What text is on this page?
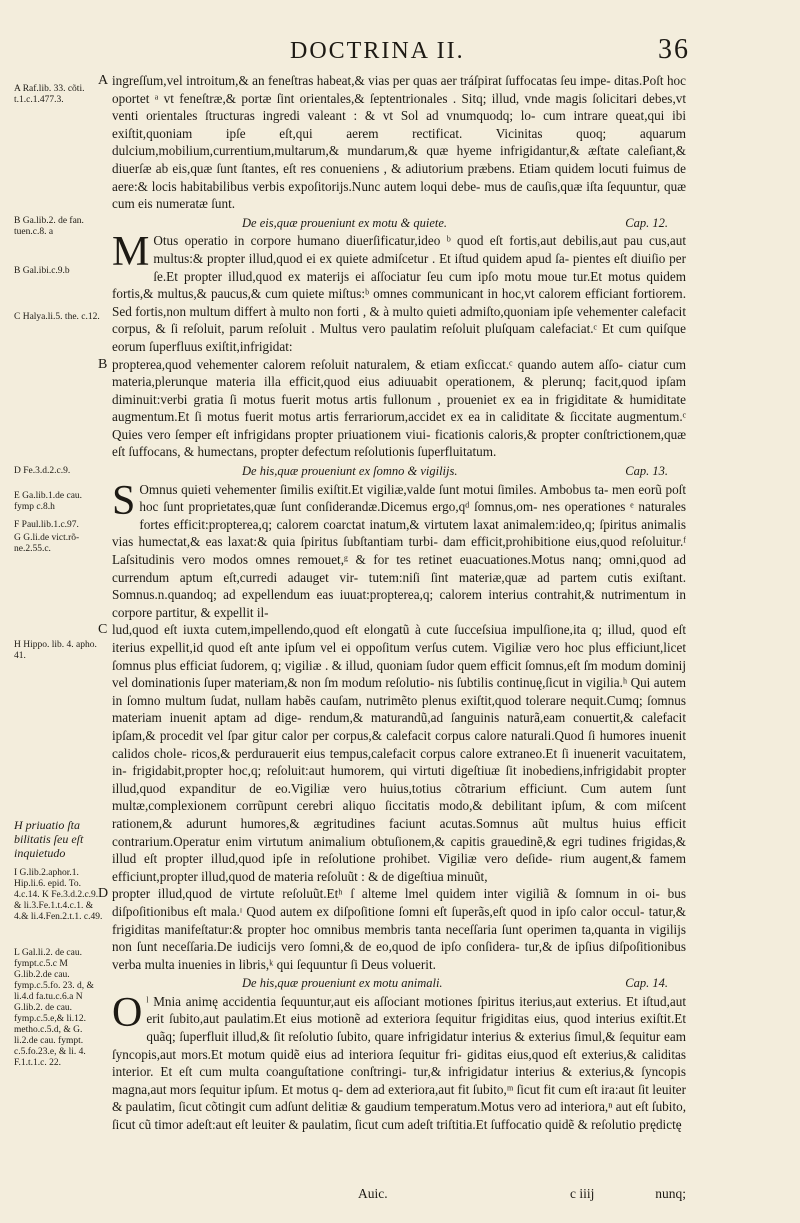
DOCTRINA II.	36
A Raf.lib. 33. cõti. t.1.c.1.477.3.
B Ga.lib.2. de fan. tuen.c.8. a
B Gal.ibi.c.9.b
C Halya.li.5. the. c.12.
D Fe.3.d.2.c.9.
E Ga.lib.1.de cau. fymp c.8.h
F Paul.lib.1.c.97.
G G.li.de vict.rõ- ne.2.55.c.
H Hippo. lib. 4. apho. 41.
H priuatio ſta bilitatis ſeu eſt inquietudo
I G.lib.2.aphor.1. Hip.li.6. epid. To. 4.c.14. K Fe.3.d.2.c.9. & li.3.Fe.1.t.4.c.1. & 4.& li.4.Fen.2.t.1. c.49.
L Gal.li.2. de cau. fympt.c.5.c M G.lib.2.de cau. fymp.c.5.fo. 23. d, & li.4.d fa.tu.c.6.a N G.lib.2. de cau. fymp.c.5.e,& li.12. metho.c.5.d, & G. li.2.de cau. fympt. c.5.fo.23.e, & li. 4. F.1.t.1.c. 22.

A ingreſſum,vel introitum,& an feneſtras habeat,& vias per quas aer tráſpirat ſuffocatas ſeu impe- ditas.Poſt hoc oportet ᵃ vt feneſtræ,& portæ ſint orientales,& ſeptentrionales . Sitq; illud, vnde magis ſolicitari debes,vt venti orientales ſtructuras ingredi valeant : & vt Sol ad vnumquodq; lo- cum intrare queat,qui ibi exiſtit,quoniam ipſe eſt,qui aerem rectificat. Vicinitas quoq; aquarum dulcium,mobilium,currentium,multarum,& mundarum,& quæ hyeme infrigidantur,& æſtate caleſiant,& diuerſæ ab eis,quæ ſunt ſtantes, eſt res conueniens , & adiutorium præbens. Etiam quidem locuti fuimus de aere:& locis habitabilibus verbis expoſitorijs.Nunc autem loqui debe- mus de cauſis,quæ iſta ſequuntur, quæ cum eis numeratæ ſunt.

De eis,quæ proueniunt ex motu & quiete.	Cap. 12.

M Otus operatio in corpore humano diuerſificatur,ideo ᵇ quod eſt fortis,aut debilis,aut pau cus,aut multus:& propter illud,quod ei ex quiete admiſcetur . Et iſtud quidem apud ſa- pientes eſt diuiſio per ſe.Et propter illud,quod ex materijs ei aſſociatur ſeu cum ipſo motu moue tur.Et motus quidem fortis,& multus,& paucus,& cum quiete miſtus:ᵇ omnes communicant in hoc,vt calorem efficiant fortiorem. Sed fortis,non multum differt à multo non forti , & à multo quieti admiſto,quoniam ipſe vehementer calefacit corpus, & ſi reſoluit, parum reſoluit . Multus vero paulatim reſoluit pluſquam calefaciat.ᶜ Et cum quiſque eorum ſuperfluus exiſtit,infrigidat:

B propterea,quod vehementer calorem reſoluit naturalem, & etiam exſiccat.ᶜ quando autem aſſo- ciatur cum materia,plerunque materia illa efficit,quod eius adiuuabit operationem, & plerunq; facit,quod ipſam diminuit:verbi gratia ſi motus fuerit motus artis fullonum , proueniet ex ea in frigiditate & humiditate augmentum.Et ſi motus fuerit motus artis ferrariorum,accidet ex ea in caliditate & ſiccitate augmentum.ᶜ Quies vero ſemper eſt infrigidans propter priuationem viui- ficationis caloris,& propter conſtrictionem,quæ eſt ſuffocans, & humectans, propter defectum reſolutionis ſuperfluitatum.

De his,quæ proueniunt ex ſomno & vigilijs.	Cap. 13.

S Omnus quieti vehementer ſimilis exiſtit.Et vigiliæ,valde ſunt motui ſimiles. Ambobus ta- men eorũ poſt hoc ſunt proprietates,quæ ſunt conſiderandæ.Dicemus ergo,qᵈ ſomnus,om- nes operationes ᵉ naturales fortes efficit:propterea,q; calorem coarctat inatum,& virtutem laxat animalem:ideo,q; ſpiritus animalis vias humectat,& eas laxat:& quia ſpiritus ſubſtantiam turbi- dam efficit,prohibitione eius,quod reſoluitur.ᶠ Laſsitudinis vero modos omnes remouet,ᵍ & for tes retinet euacuationes.Motus nanq; omni,quod ad currendum aptum eſt,curredi adauget vir- tutem:niſi ſint materiæ,quæ ad partem cutis exiſtant. Somnus.n.quandoq; ad expellendum eas iuuat:propterea,q; calorem interius contrahit,& nutrimentum in corpore partitur, & expellit il-

C lud,quod eſt iuxta cutem,impellendo,quod eſt elongatũ à cute ſucceſsiua impulſione,ita q; illud, quod eſt iterius expellit,id quod eſt ante ipſum vel ei oppoſitum verſus cutem. Vigiliæ vero hoc plus efficiunt,licet ſomnus plus efficiat ſudorem, q; vigiliæ . & illud, quoniam ſudor quem efficit ſomnus,eſt ſm modum dominij vel dominationis ſuper materiam,& non ſm modum reſolutio- nis ſubtilis continuę,ſicut in vigilia.ʰ Qui autem in ſomno multum ſudat, nullam habẽs cauſam, nutrimẽto plenus exiſtit,quod tolerare nequit.Cumq; ſomnus materiam inuenit aptam ad dige- rendum,& maturandũ,ad ſanguinis naturã,eam conuertit,& calefacit ipſam,& procedit vel ſpar gitur calor per corpus,& calefacit corpus calore naturali.Quod ſi humores inuenit calidos chole- ricos,& perdurauerit eius tempus,calefacit corpus calore extraneo.Et ſi inuenerit vacuitatem, in- frigidabit,propter hoc,q; reſoluit:aut humorem, qui virtuti digeſtiuæ ſit inobediens,infrigidabit propter illud,quod expanditur de eo.Vigiliæ vero huius,totius cõtrarium efficiunt. Cum autem ſunt multæ,complexionem corrũpunt cerebri aliquo ſiccitatis modo,& debilitant ipſum, & com miſcent rationem,& adurunt humores,& ægritudines faciunt acutas.Somnus aũt multus huius efficit contrarium.Operatur enim virtutum animalium obtuſionem,& capitis grauedinẽ,& egri tudines frigidas,& illud eſt propter illud,quod ipſe in reſolutione prohibet. Vigiliæ vero deſide- rium augent,& famem efficiunt,propter illud,quod de materia reſoluũt : & de digeſtiua minuũt,

D propter illud,quod de virtute reſoluũt.Etʰ ſ alteme lmel quidem inter vigiliã & ſomnum in oi- bus diſpoſitionibus eſt mala.ᶦ Quod autem ex diſpoſitione ſomni eſt ſuperãs,eſt quod in ipſo calor occul- tatur,& frigiditas manifeſtatur:& propter hoc omnibus membris tanta neceſſaria ſunt operimen ta,quanta in vigilijs non ſunt neceſſaria.De iudicijs vero ſomni,& de eo,quod de ipſo conſidera- tur,& de ipſius diſpoſitionibus verba multa inuenies in libris,ᵏ qui ſequuntur ſi Deus voluerit.

De his,quæ proueniunt ex motu animali.	Cap. 14.

O ˡ Mnia animę accidentia ſequuntur,aut eis aſſociant motiones ſpiritus iterius,aut exterius. Et iſtud,aut erit ſubito,aut paulatim.Et eius motionẽ ad exteriora ſequitur frigiditas eius, quod interius exiſtit.Et quãq; ſuperfluit illud,& ſit reſolutio ſubito, quare infrigidatur interius & exterius ſimul,& ſequitur eam ſyncopis,aut mors.Et motum quidẽ eius ad interiora ſequitur fri- giditas eius,quod eſt exterius,& caliditas interior. Et eſt cum multa coanguſtatione conſtringi- tur,& infrigidatur interius & exterius,& ſyncopis magna,aut mors ſequitur ipſum. Et motus q- dem ad exteriora,aut fit ſubito,ᵐ ſicut fit cum eſt ira:aut ſit leuiter & paulatim, ſicut cõtingit cum adſunt delitiæ & gaudium temperatum.Motus vero ad interiora,ⁿ aut eſt ſubito, ſicut cũ timor adeſt:aut eſt leuiter & paulatim, ſicut cum adeſt triſtitia.Et ſuffocatio quidẽ & reſolutio prędictę

Auic.	c iiij	nunq;
